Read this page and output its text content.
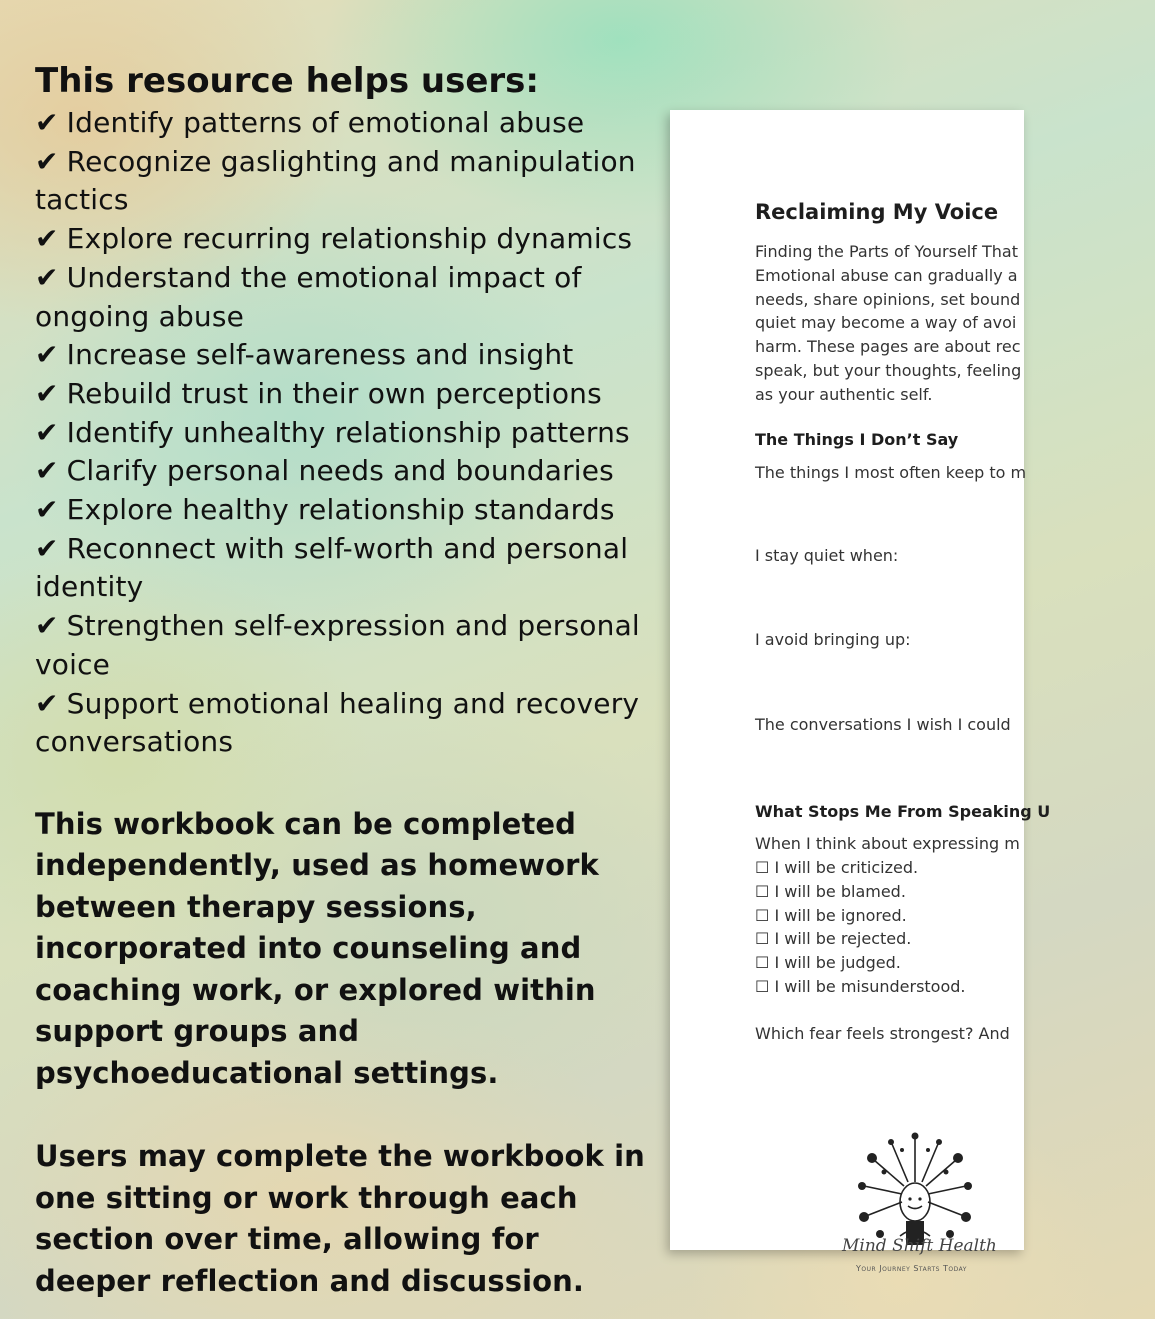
This resource helps users:
✔ Identify patterns of emotional abuse
✔ Recognize gaslighting and manipulation tactics
✔ Explore recurring relationship dynamics
✔ Understand the emotional impact of ongoing abuse
✔ Increase self-awareness and insight
✔ Rebuild trust in their own perceptions
✔ Identify unhealthy relationship patterns
✔ Clarify personal needs and boundaries
✔ Explore healthy relationship standards
✔ Reconnect with self-worth and personal identity
✔ Strengthen self-expression and personal voice
✔ Support emotional healing and recovery conversations

This workbook can be completed independently, used as homework between therapy sessions, incorporated into counseling and coaching work, or explored within support groups and psychoeducational settings.

Users may complete the workbook in one sitting or work through each section over time, allowing for deeper reflection and discussion.

Reclaiming My Voice
Finding the Parts of Yourself That
Emotional abuse can gradually a
needs, share opinions, set bound
quiet may become a way of avoi
harm. These pages are about rec
speak, but your thoughts, feeling
as your authentic self.
The Things I Don’t Say
The things I most often keep to m
I stay quiet when:
I avoid bringing up:
The conversations I wish I could
What Stops Me From Speaking U
When I think about expressing m
☐ I will be criticized.
☐ I will be blamed.
☐ I will be ignored.
☐ I will be rejected.
☐ I will be judged.
☐ I will be misunderstood.
Which fear feels strongest? And
Mind Shift Health
Your Journey Starts Today
